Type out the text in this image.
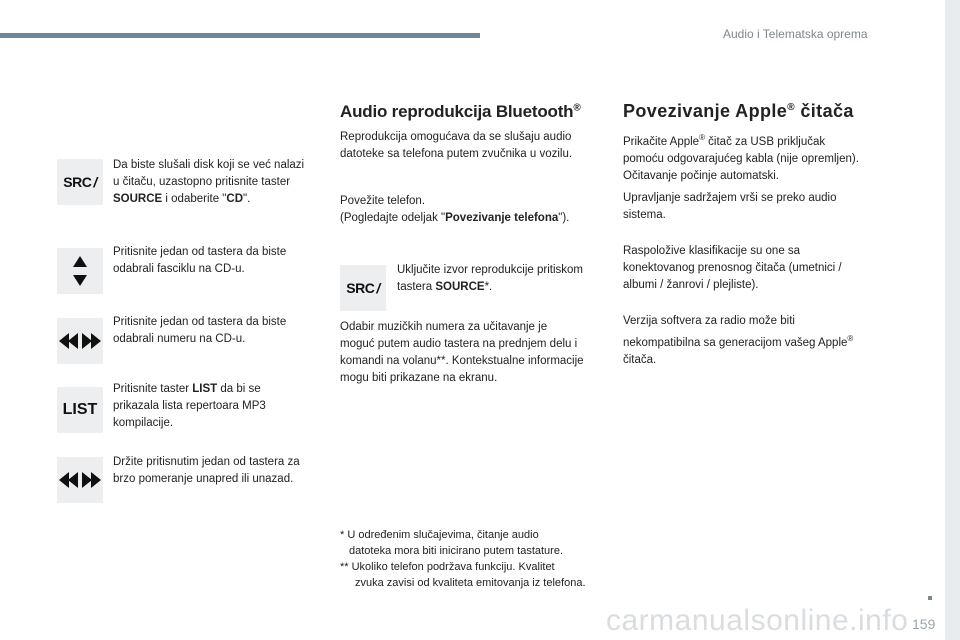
Audio i Telematska oprema
SRC /
Da biste slušali disk koji se već nalazi
u čitaču, uzastopno pritisnite taster
SOURCE i odaberite "CD".
Pritisnite jedan od tastera da biste
odabrali fasciklu na CD-u.
Pritisnite jedan od tastera da biste
odabrali numeru na CD-u.
LIST
Pritisnite taster LIST da bi se
prikazala lista repertoara MP3
kompilacije.
Držite pritisnutim jedan od tastera za
brzo pomeranje unapred ili unazad.
Audio reprodukcija Bluetooth®
Reprodukcija omogućava da se slušaju audio
datoteke sa telefona putem zvučnika u vozilu.
Povežite telefon.
(Pogledajte odeljak "Povezivanje telefona").
SRC /
Uključite izvor reprodukcije pritiskom
tastera SOURCE*.
Odabir muzičkih numera za učitavanje je
moguć putem audio tastera na prednjem delu i
komandi na volanu**. Kontekstualne informacije
mogu biti prikazane na ekranu.
* U određenim slučajevima, čitanje audio
datoteka mora biti inicirano putem tastature.
** Ukoliko telefon podržava funkciju. Kvalitet
zvuka zavisi od kvaliteta emitovanja iz telefona.
Povezivanje Apple® čitača
Prikačite Apple® čitač za USB priključak
pomoću odgovarajućeg kabla (nije opremljen).
Očitavanje počinje automatski.
Upravljanje sadržajem vrši se preko audio
sistema.
Raspoložive klasifikacije su one sa
konektovanog prenosnog čitača (umetnici /
albumi / žanrovi / plejliste).
Verzija softvera za radio može biti
nekompatibilna sa generacijom vašeg Apple®
čitača.
carmanualsonline.info 159
